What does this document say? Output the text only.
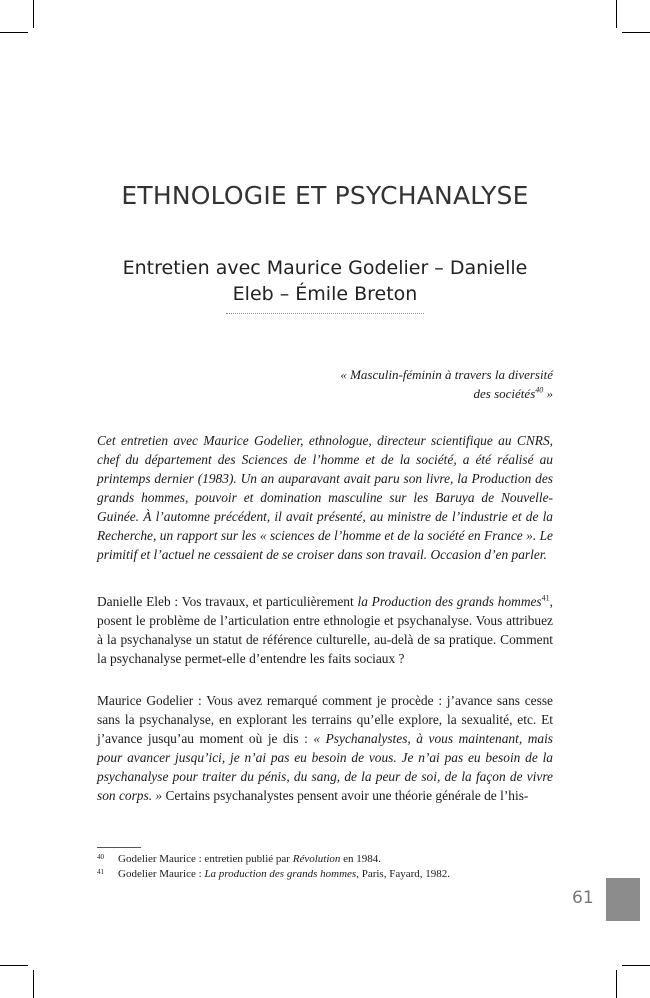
ETHNOLOGIE ET PSYCHANALYSE
Entretien avec Maurice Godelier – Danielle
Eleb – Émile Breton
« Masculin-féminin à travers la diversité
des sociétés$^{40}$ »

Cet entretien avec Maurice Godelier, ethnologue, directeur scientifique au CNRS, chef du département des Sciences de l’homme et de la société, a été réalisé au printemps dernier (1983). Un an auparavant avait paru son livre, la Production des grands hommes, pouvoir et domination masculine sur les Baruya de Nouvelle-Guinée. À l’automne précédent, il avait présenté, au ministre de l’industrie et de la Recherche, un rapport sur les « sciences de l’homme et de la société en France ». Le primitif et l’actuel ne cessaient de se croiser dans son travail. Occasion d’en parler.

Danielle Eleb : Vos travaux, et particulièrement la Production des grands hommes$^{41}$, posent le problème de l’articulation entre ethnologie et psychanalyse. Vous attribuez à la psychanalyse un statut de référence culturelle, au-delà de sa pratique. Comment la psychanalyse permet-elle d’entendre les faits sociaux ?

Maurice Godelier : Vous avez remarqué comment je procède : j’avance sans cesse sans la psychanalyse, en explorant les terrains qu’elle explore, la sexualité, etc. Et j’avance jusqu’au moment où je dis : « Psychanalystes, à vous maintenant, mais pour avancer jusqu’ici, je n’ai pas eu besoin de vous. Je n’ai pas eu besoin de la psychanalyse pour traiter du pénis, du sang, de la peur de soi, de la façon de vivre son corps. » Certains psychanalystes pensent avoir une théorie générale de l’his-

40 Godelier Maurice : entretien publié par Révolution en 1984.
41 Godelier Maurice : La production des grands hommes, Paris, Fayard, 1982.
61
